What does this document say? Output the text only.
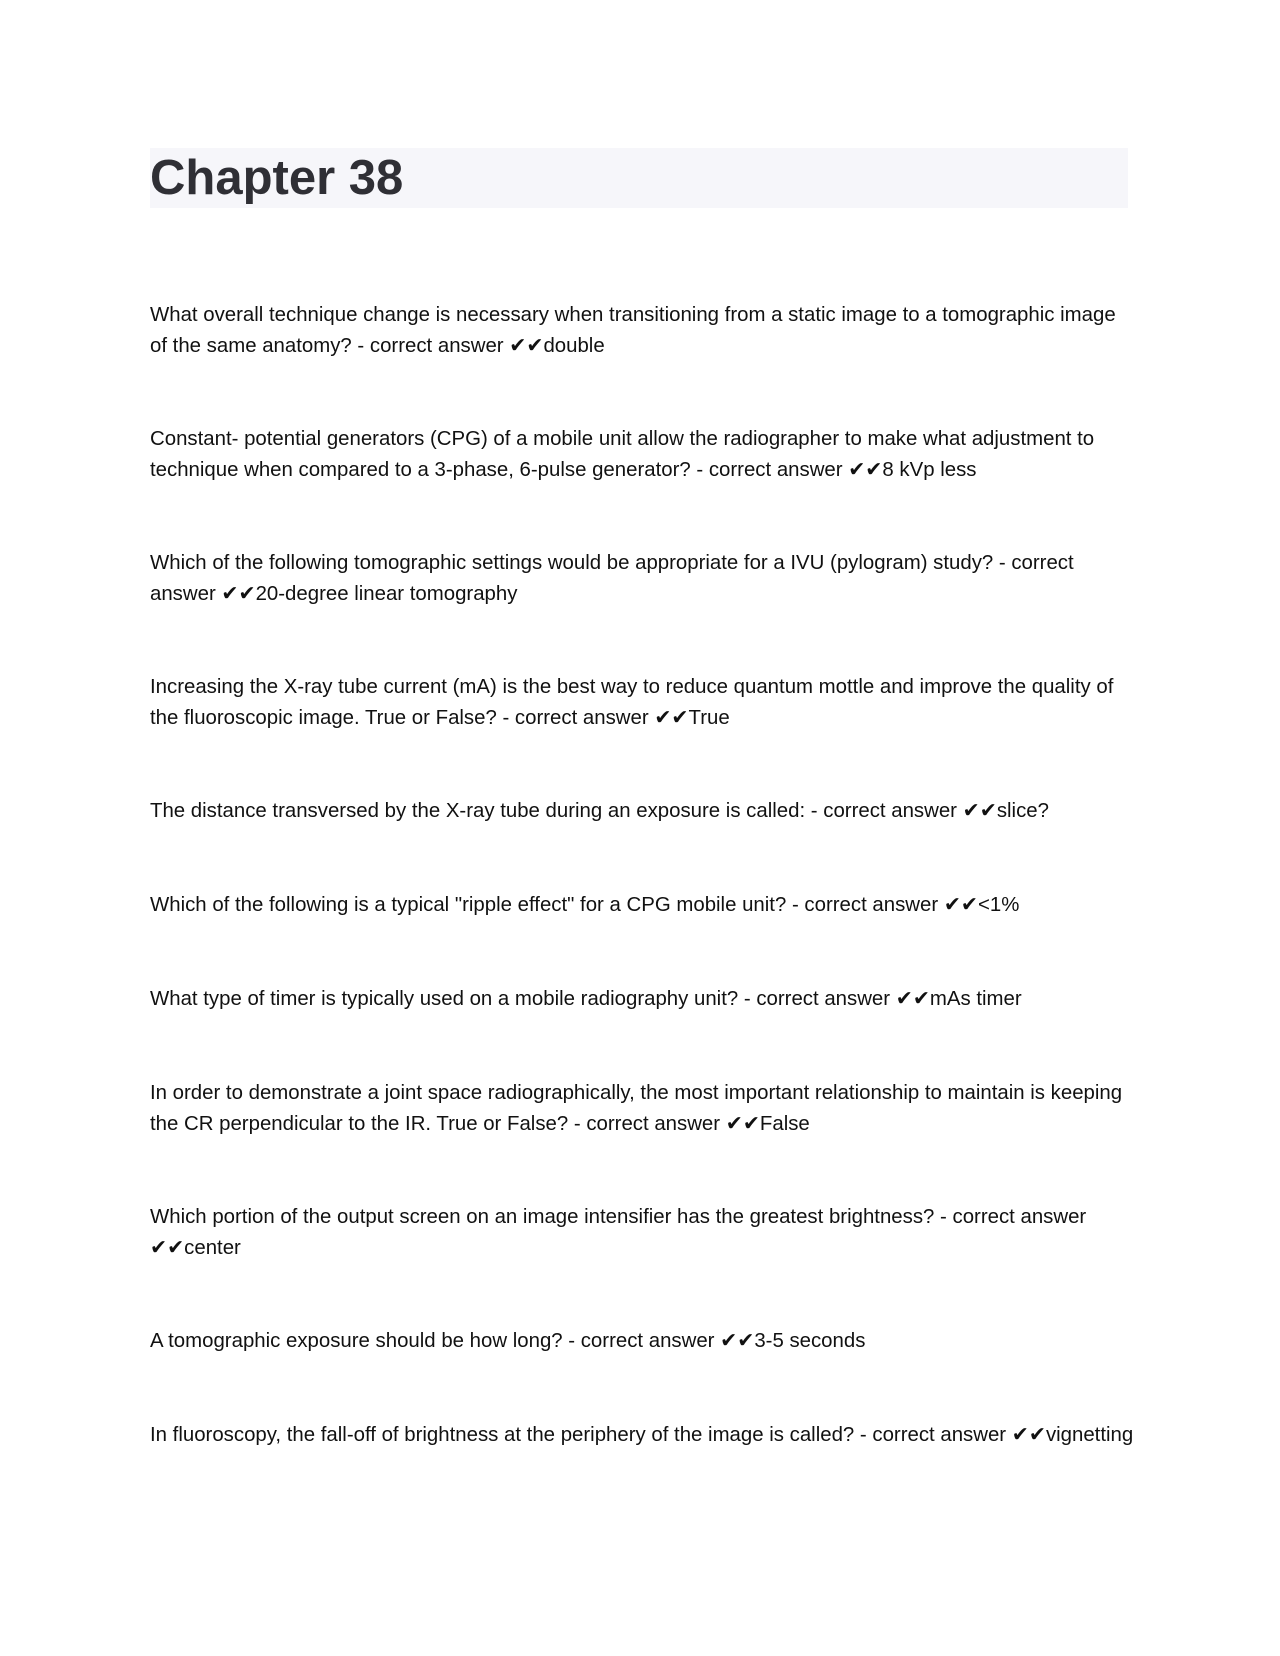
Chapter 38

What overall technique change is necessary when transitioning from a static image to a tomographic image of the same anatomy? - correct answer ✔✔double

Constant- potential generators (CPG) of a mobile unit allow the radiographer to make what adjustment to technique when compared to a 3-phase, 6-pulse generator? - correct answer ✔✔8 kVp less

Which of the following tomographic settings would be appropriate for a IVU (pylogram) study? - correct answer ✔✔20-degree linear tomography

Increasing the X-ray tube current (mA) is the best way to reduce quantum mottle and improve the quality of the fluoroscopic image. True or False? - correct answer ✔✔True

The distance transversed by the X-ray tube during an exposure is called: - correct answer ✔✔slice?

Which of the following is a typical "ripple effect" for a CPG mobile unit? - correct answer ✔✔<1%

What type of timer is typically used on a mobile radiography unit? - correct answer ✔✔mAs timer

In order to demonstrate a joint space radiographically, the most important relationship to maintain is keeping the CR perpendicular to the IR. True or False? - correct answer ✔✔False

Which portion of the output screen on an image intensifier has the greatest brightness? - correct answer ✔✔center

A tomographic exposure should be how long? - correct answer ✔✔3-5 seconds

In fluoroscopy, the fall-off of brightness at the periphery of the image is called? - correct answer ✔✔vignetting
